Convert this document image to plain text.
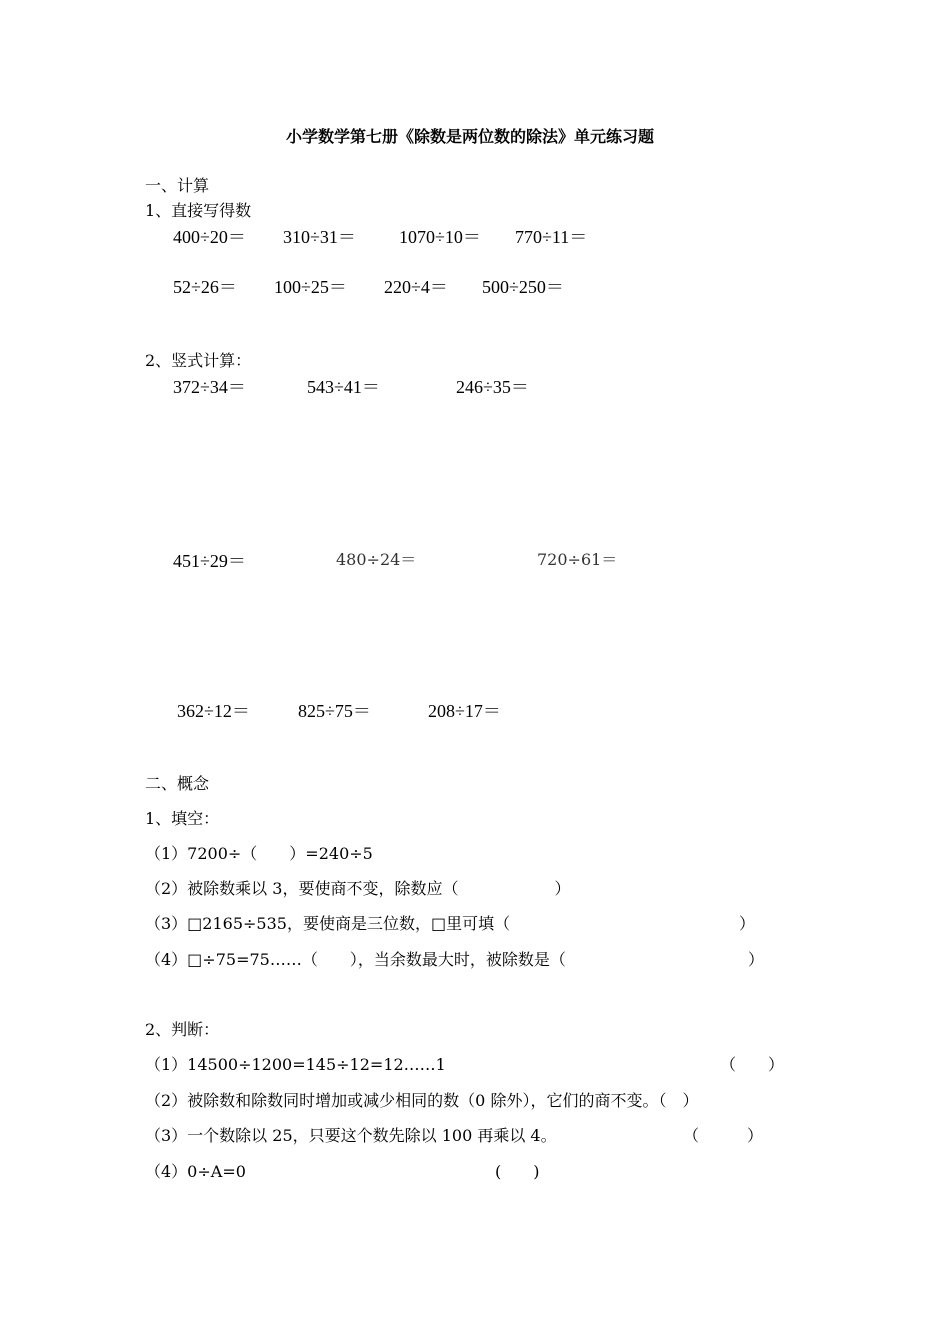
小学数学第七册《除数是两位数的除法》单元练习题
一、计算
1、直接写得数
400÷20＝ 310÷31＝ 1070÷10＝ 770÷11＝
52÷26＝ 100÷25＝ 220÷4＝ 500÷250＝
2、竖式计算：
372÷34＝	543÷41＝	246÷35＝
451÷29＝	480÷24＝	720÷61＝
362÷12＝	825÷75＝	208÷17＝
二、概念
1、填空：
（1）7200÷（　　）=240÷5
（2）被除数乘以 3，要使商不变，除数应（　　　　　　）
（3）□2165÷535，要使商是三位数，□里可填（	）
（4）□÷75=75……（　　），当余数最大时，被除数是（	）
2、判断：
（1）14500÷1200=145÷12=12……1	（　　）
（2）被除数和除数同时增加或减少相同的数（0 除外），它们的商不变。（　）
（3）一个数除以 25，只要这个数先除以 100 再乘以 4。	（　　　）
（4）0÷A=0	(　　)
